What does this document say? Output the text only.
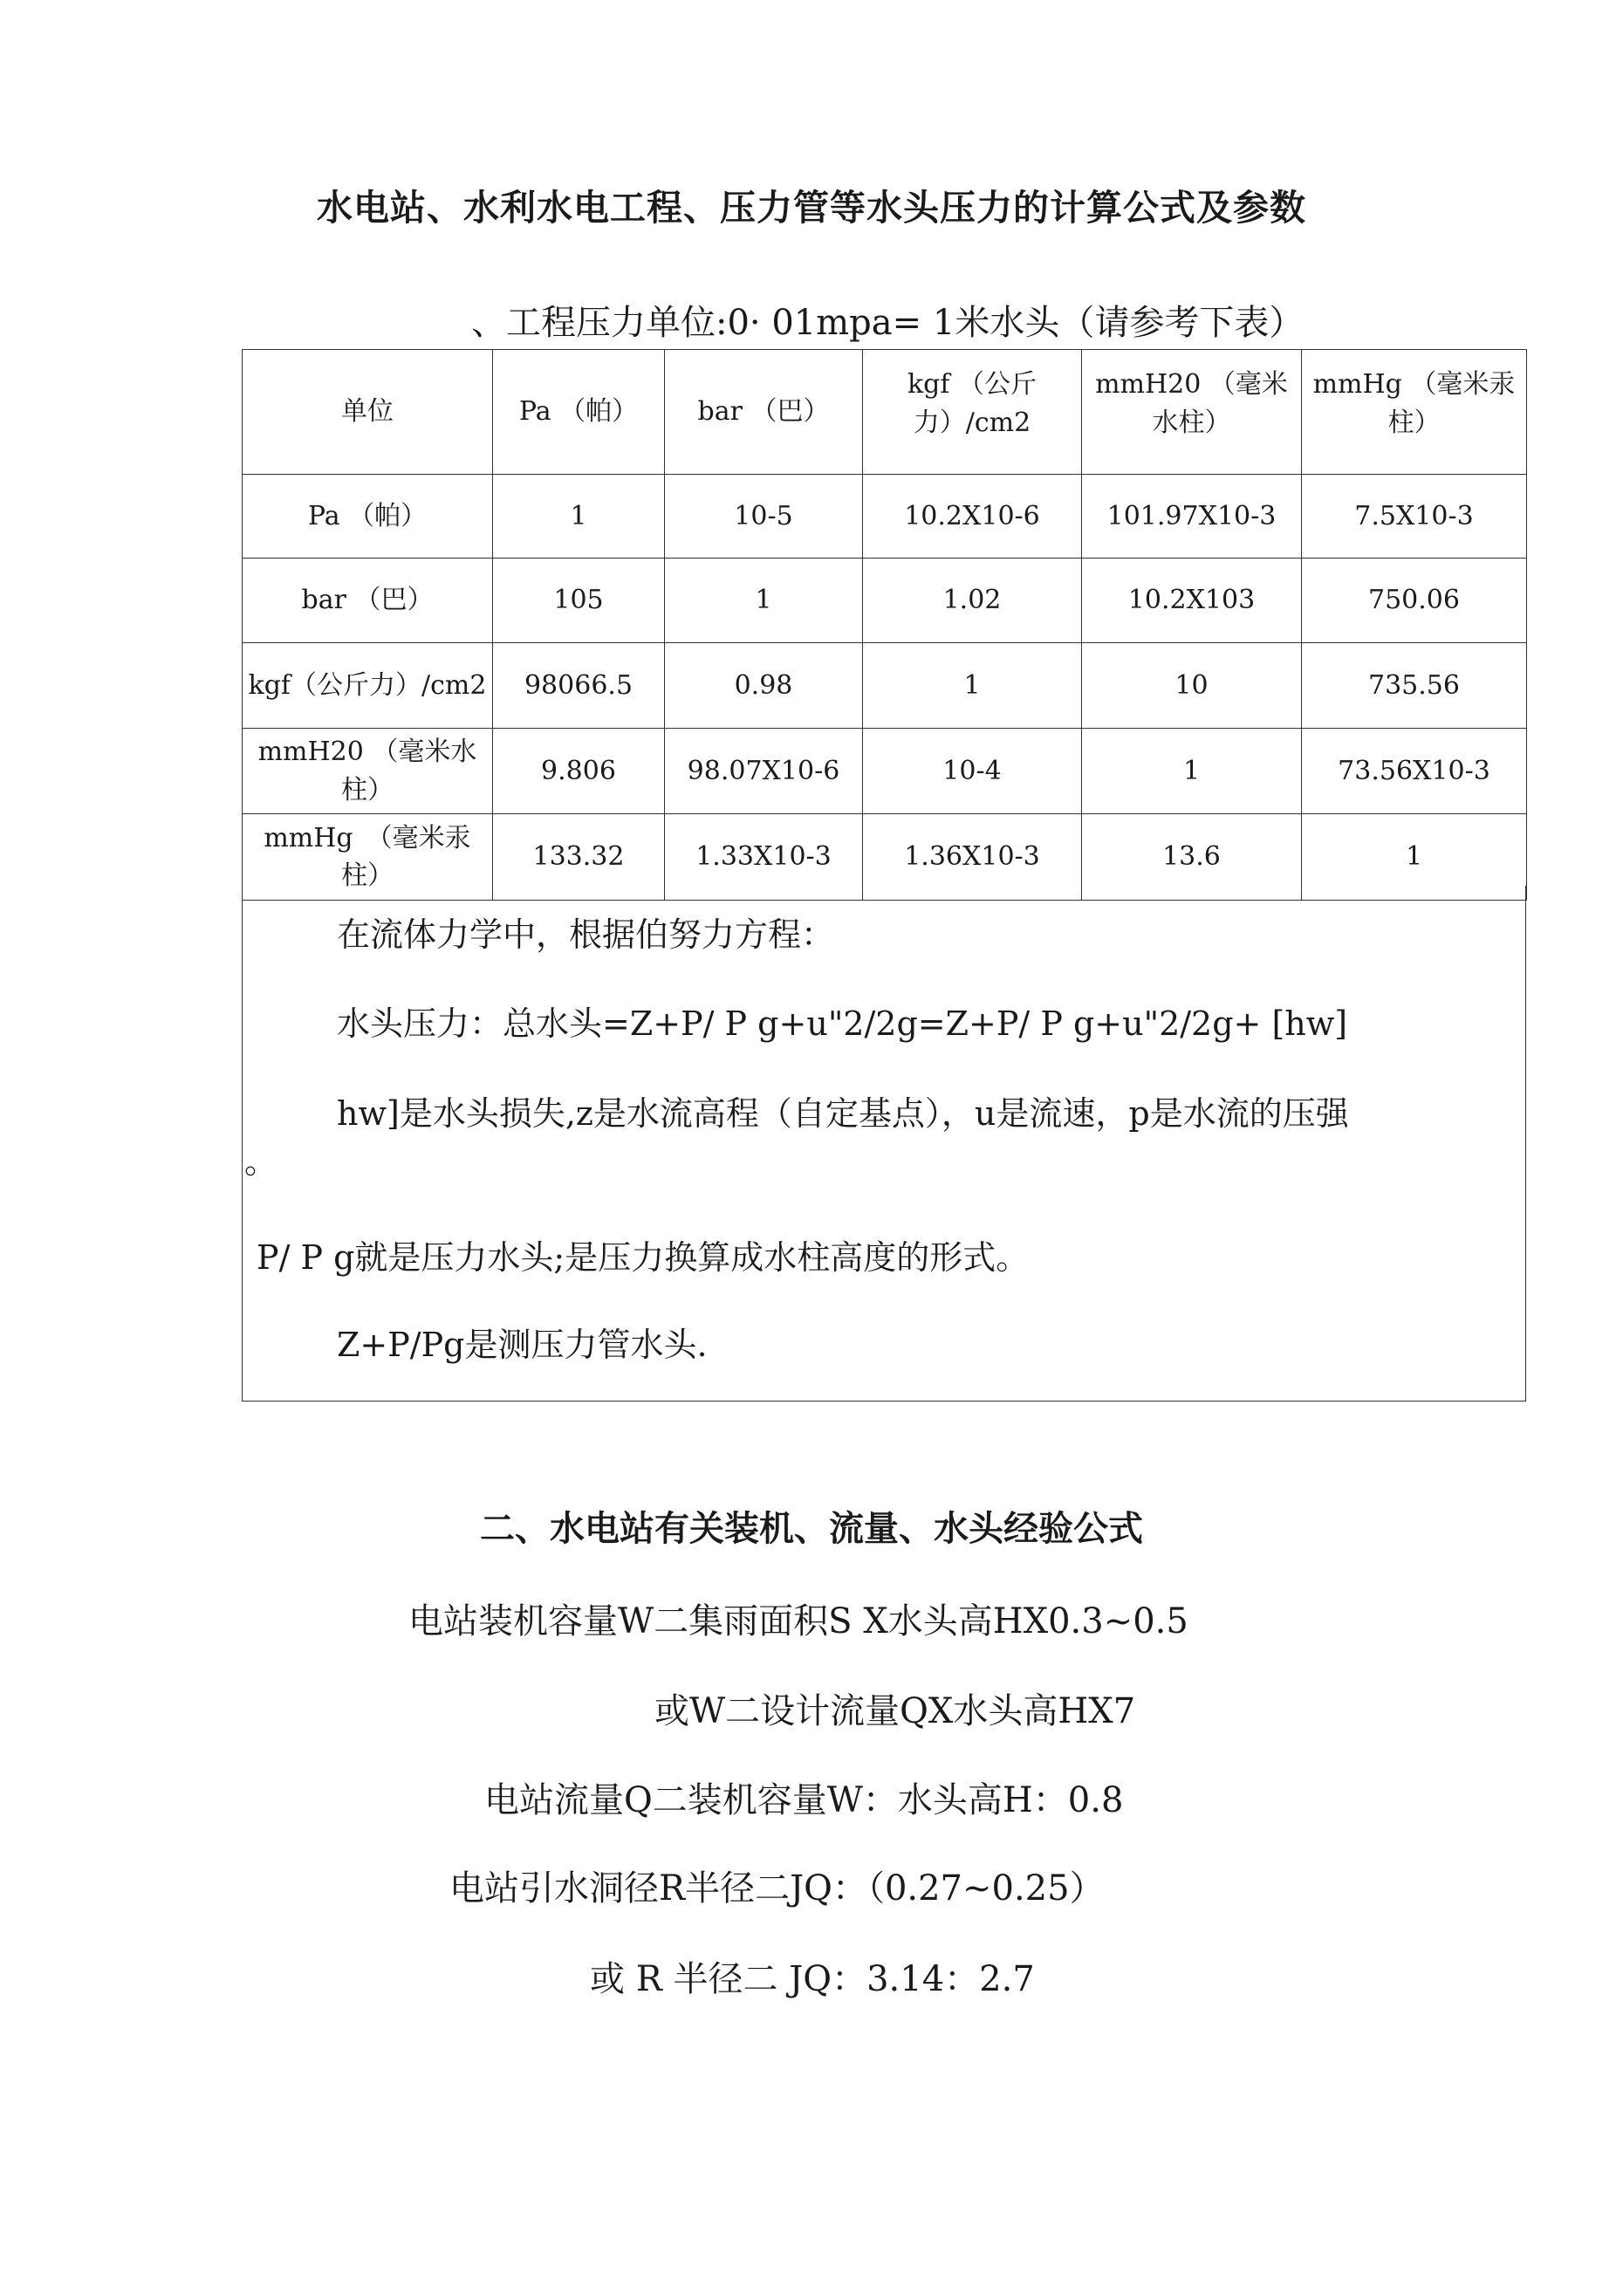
水电站、水利水电工程、压力管等水头压力的计算公式及参数
、工程压力单位:0· 01mpa= 1米水头（请参考下表）
单位	Pa （帕）	bar （巴）	kgf （公斤力）/cm2	mmH20 （毫米水柱）	mmHg （毫米汞柱）
Pa （帕）	1	10-5	10.2X10-6	101.97X10-3	7.5X10-3
bar （巴）	105	1	1.02	10.2X103	750.06
kgf（公斤力）/cm2	98066.5	0.98	1	10	735.56
mmH20 （毫米水柱）	9.806	98.07X10-6	10-4	1	73.56X10-3
mmHg　（毫米汞柱）	133.32	1.33X10-3	1.36X10-3	13.6	1
在流体力学中，根据伯努力方程：
水头压力：总水头=Z+P/ P g+u"2/2g=Z+P/ P g+u"2/2g+ [hw]
hw]是水头损失,z是水流高程（自定基点），u是流速，p是水流的压强
。
P/ P g就是压力水头;是压力换算成水柱高度的形式。
Z+P/Pg是测压力管水头.
二、水电站有关装机、流量、水头经验公式
电站装机容量W二集雨面积S X水头高HX0.3~0.5
或W二设计流量QX水头高HX7
电站流量Q二装机容量W：水头高H：0.8
电站引水洞径R半径二JQ：（0.27~0.25）
或 R 半径二 JQ：3.14：2.7
